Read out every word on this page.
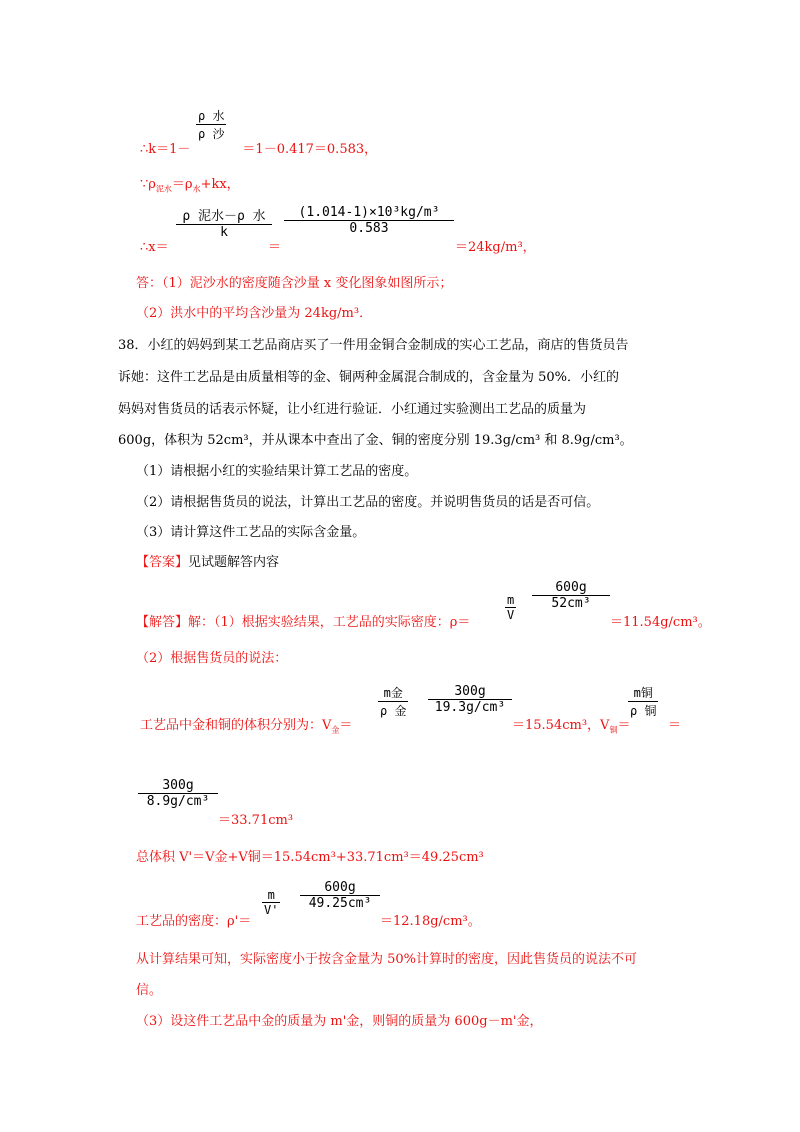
ρ 水
ρ 沙
∴k＝1－	＝1－0.417＝0.583，
$\because\rho_{泥水}=\rho_水+kx$，
ρ 泥水－ρ 水
k
∴x＝	＝
(1.014-1)×10³kg/m³
0.583
＝24kg/m³，
答：（1）泥沙水的密度随含沙量 x 变化图象如图所示；
（2）洪水中的平均含沙量为 24kg/m³．
38．小红的妈妈到某工艺品商店买了一件用金铜合金制成的实心工艺品，商店的售货员告
诉她：这件工艺品是由质量相等的金、铜两种金属混合制成的，含金量为 50%．小红的
妈妈对售货员的话表示怀疑，让小红进行验证．小红通过实验测出工艺品的质量为
600g，体积为 52cm³，并从课本中查出了金、铜的密度分别 19.3g/cm³ 和 8.9g/cm³。
（1）请根据小红的实验结果计算工艺品的密度。
（2）请根据售货员的说法，计算出工艺品的密度。并说明售货员的话是否可信。
（3）请计算这件工艺品的实际含金量。
【答案】见试题解答内容
m
V
600g
52cm³
【解答】解：（1）根据实验结果，工艺品的实际密度：ρ＝	＝11.54g/cm³。
（2）根据售货员的说法：
m金
ρ 金
300g
19.3g/cm³
m铜
ρ 铜
工艺品中金和铜的体积分别为：$V_金=$	＝15.54cm³，$V_铜=$	＝
300g
8.9g/cm³
＝33.71cm³
总体积 V'＝V金+V铜＝15.54cm³+33.71cm³＝49.25cm³
m
V'
600g
49.25cm³
工艺品的密度：ρ'＝	＝12.18g/cm³。
从计算结果可知，实际密度小于按含金量为 50%计算时的密度，因此售货员的说法不可
信。
（3）设这件工艺品中金的质量为 m'金，则铜的质量为 600g－m'金，
